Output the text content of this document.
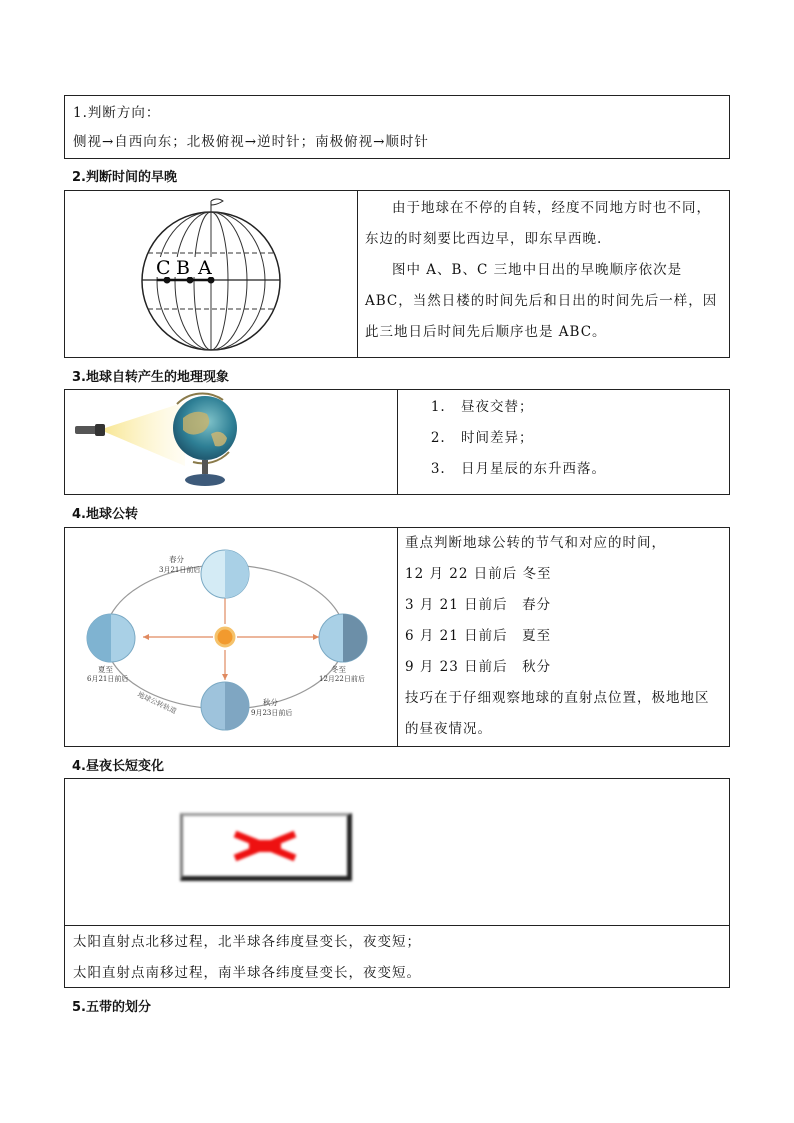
1.判断方向：
侧视→自西向东；北极俯视→逆时针；南极俯视→顺时针
2.判断时间的早晚
C B A

由于地球在不停的自转，经度不同地方时也不同，东边的时刻要比西边早，即东早西晚.

图中 A、B、C 三地中日出的早晚顺序依次是 ABC，当然日楼的时间先后和日出的时间先后一样，因此三地日后时间先后顺序也是 ABC。

3.地球自转产生的地理现象
1. 昼夜交替；
2. 时间差异；
3. 日月星辰的东升西落。
4.地球公转
春分
3月21日前后
夏至
6月21日前后
冬至
12月22日前后
秋分
9月23日前后
地球公转轨道
重点判断地球公转的节气和对应的时间，
12 月 22 日前后 冬至
3 月 21 日前后　春分
6 月 21 日前后　夏至
9 月 23 日前后　秋分
技巧在于仔细观察地球的直射点位置，极地地区的昼夜情况。
4.昼夜长短变化
太阳直射点北移过程，北半球各纬度昼变长，夜变短；
太阳直射点南移过程，南半球各纬度昼变长，夜变短。
5.五带的划分
